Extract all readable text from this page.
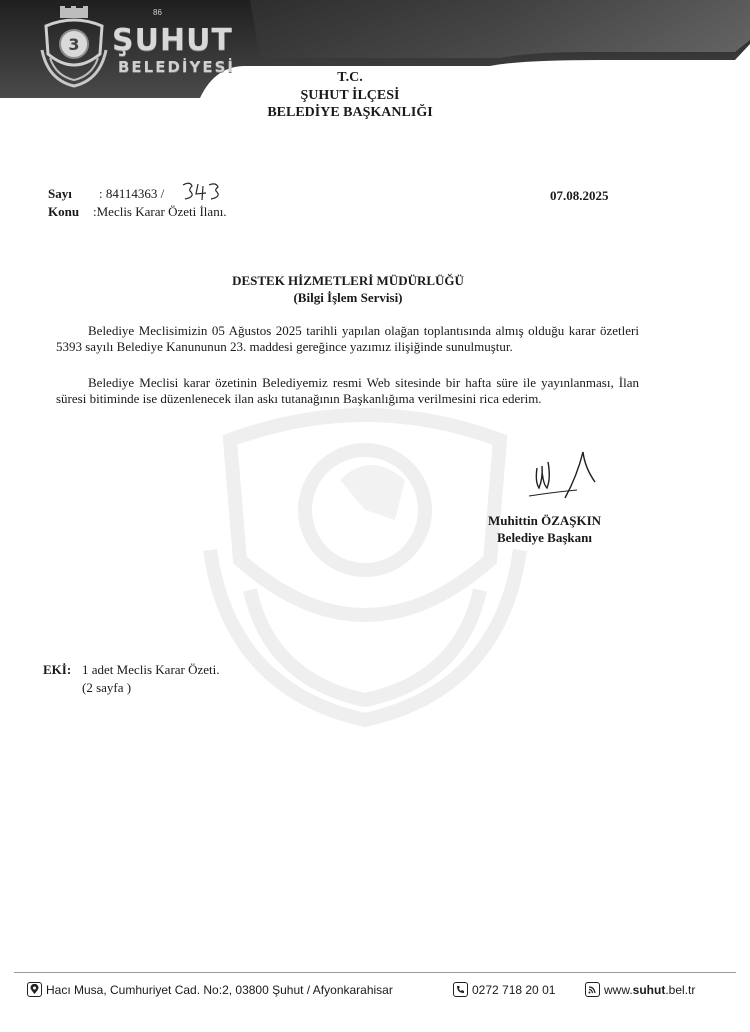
3
86
ŞUHUT
BELEDİYESİ
T.C.
ŞUHUT İLÇESİ
BELEDİYE BAŞKANLIĞI
Sayı : 84114363 /
Konu :Meclis Karar Özeti İlanı.
07.08.2025
DESTEK HİZMETLERİ MÜDÜRLÜĞÜ
(Bilgi İşlem Servisi)
Belediye Meclisimizin 05 Ağustos 2025 tarihli yapılan olağan toplantısında almış olduğu karar özetleri 5393 sayılı Belediye Kanununun 23. maddesi gereğince yazımız ilişiğinde sunulmuştur.
Belediye Meclisi karar özetinin Belediyemiz resmi Web sitesinde bir hafta süre ile yayınlanması, İlan süresi bitiminde ise düzenlenecek ilan askı tutanağının Başkanlığıma verilmesini rica ederim.
Muhittin ÖZAŞKIN
Belediye Başkanı
EKİ: 1 adet Meclis Karar Özeti.
(2 sayfa )
Hacı Musa, Cumhuriyet Cad. No:2, 03800 Şuhut / Afyonkarahisar	0272 718 20 01	www. suhut .bel.tr
